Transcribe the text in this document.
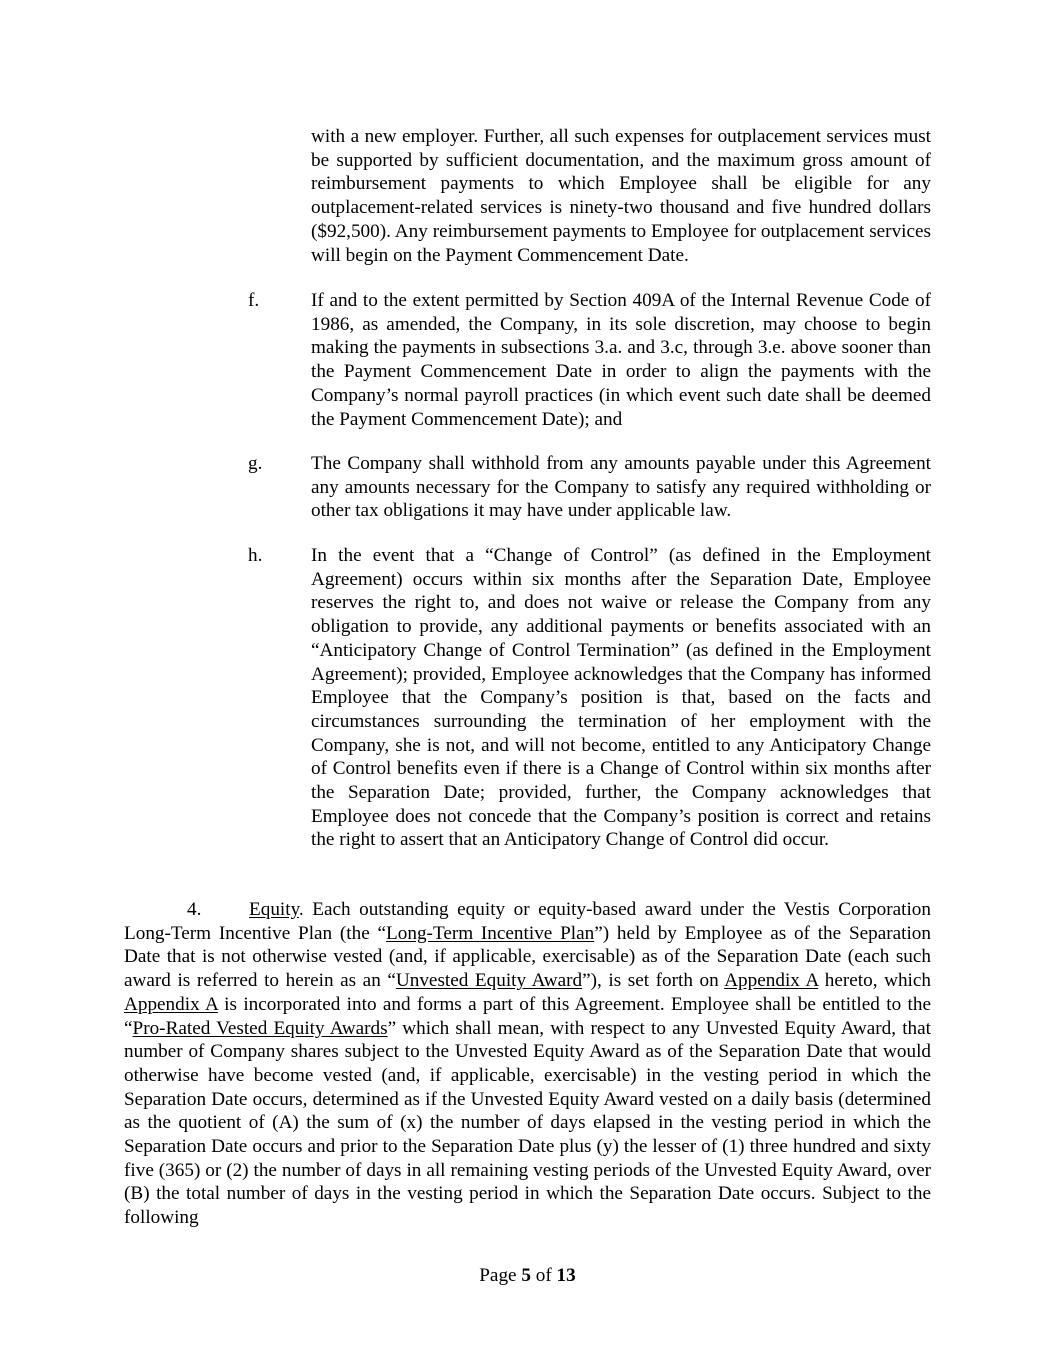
with a new employer. Further, all such expenses for outplacement services must be supported by sufficient documentation, and the maximum gross amount of reimbursement payments to which Employee shall be eligible for any outplacement-related services is ninety-two thousand and five hundred dollars ($92,500). Any reimbursement payments to Employee for outplacement services will begin on the Payment Commencement Date.
f.	If and to the extent permitted by Section 409A of the Internal Revenue Code of 1986, as amended, the Company, in its sole discretion, may choose to begin making the payments in subsections 3.a. and 3.c, through 3.e. above sooner than the Payment Commencement Date in order to align the payments with the Company’s normal payroll practices (in which event such date shall be deemed the Payment Commencement Date); and
g.	The Company shall withhold from any amounts payable under this Agreement any amounts necessary for the Company to satisfy any required withholding or other tax obligations it may have under applicable law.
h.	In the event that a “Change of Control” (as defined in the Employment Agreement) occurs within six months after the Separation Date, Employee reserves the right to, and does not waive or release the Company from any obligation to provide, any additional payments or benefits associated with an “Anticipatory Change of Control Termination” (as defined in the Employment Agreement); provided, Employee acknowledges that the Company has informed Employee that the Company’s position is that, based on the facts and circumstances surrounding the termination of her employment with the Company, she is not, and will not become, entitled to any Anticipatory Change of Control benefits even if there is a Change of Control within six months after the Separation Date; provided, further, the Company acknowledges that Employee does not concede that the Company’s position is correct and retains the right to assert that an Anticipatory Change of Control did occur.
4. Equity. Each outstanding equity or equity-based award under the Vestis Corporation Long-Term Incentive Plan (the “Long-Term Incentive Plan”) held by Employee as of the Separation Date that is not otherwise vested (and, if applicable, exercisable) as of the Separation Date (each such award is referred to herein as an “Unvested Equity Award”), is set forth on Appendix A hereto, which Appendix A is incorporated into and forms a part of this Agreement. Employee shall be entitled to the “Pro-Rated Vested Equity Awards” which shall mean, with respect to any Unvested Equity Award, that number of Company shares subject to the Unvested Equity Award as of the Separation Date that would otherwise have become vested (and, if applicable, exercisable) in the vesting period in which the Separation Date occurs, determined as if the Unvested Equity Award vested on a daily basis (determined as the quotient of (A) the sum of (x) the number of days elapsed in the vesting period in which the Separation Date occurs and prior to the Separation Date plus (y) the lesser of (1) three hundred and sixty five (365) or (2) the number of days in all remaining vesting periods of the Unvested Equity Award, over (B) the total number of days in the vesting period in which the Separation Date occurs. Subject to the following
Page 5 of 13
